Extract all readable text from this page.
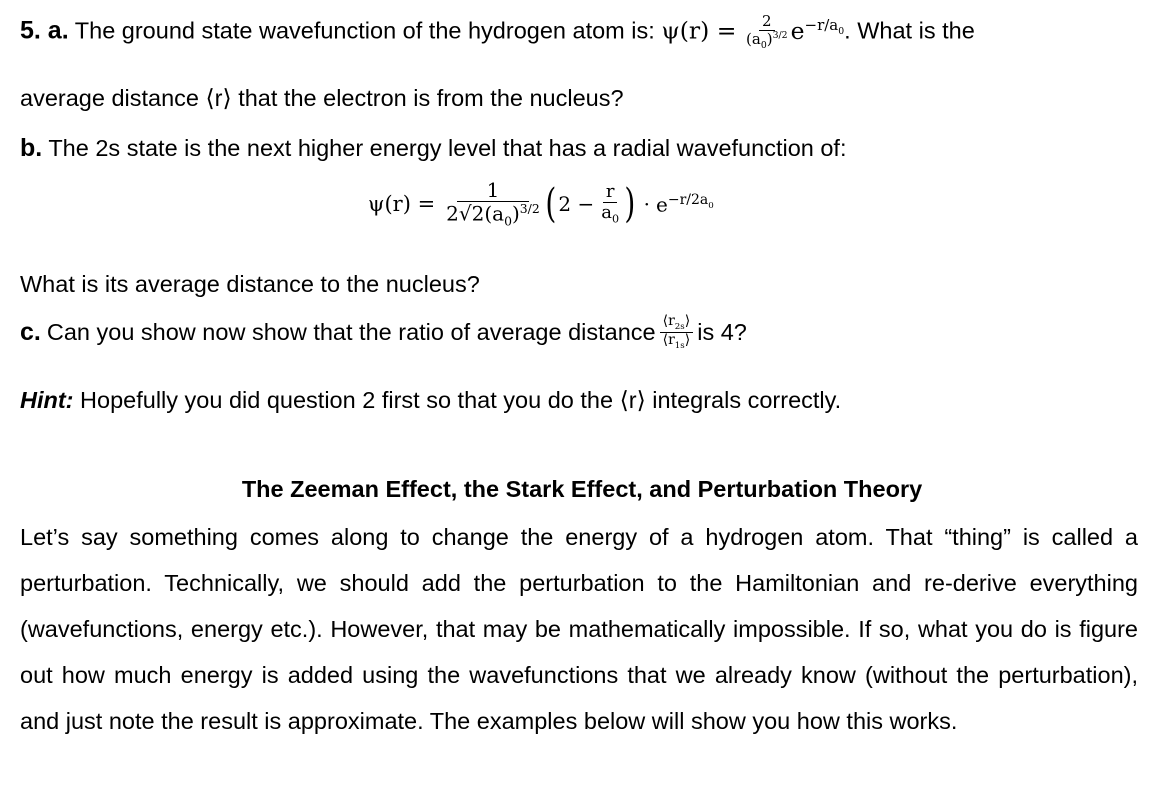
5. a. The ground state wavefunction of the hydrogen atom is: $\psi(r) = \frac{2}{(a_0)^{3/2}} e^{-r/a_0}$. What is the
average distance ⟨r⟩ that the electron is from the nucleus?
b. The 2s state is the next higher energy level that has a radial wavefunction of:
$\psi(r) = \frac{1}{2√2(a_0)^{3/2}}$ ( $2 - \frac{r}{a_0}$ ) · $e^{-r/2a_0}$
What is its average distance to the nucleus?
c. Can you show now show that the ratio of average distance $\frac{⟨r_{2s}⟩}{⟨r_{1s}⟩}$ is 4?
Hint: Hopefully you did question 2 first so that you do the ⟨r⟩ integrals correctly.
The Zeeman Effect, the Stark Effect, and Perturbation Theory
Let’s say something comes along to change the energy of a hydrogen atom. That “thing” is called a perturbation. Technically, we should add the perturbation to the Hamiltonian and re-derive everything (wavefunctions, energy etc.). However, that may be mathematically impossible. If so, what you do is figure out how much energy is added using the wavefunctions that we already know (without the perturbation), and just note the result is approximate. The examples below will show you how this works.
